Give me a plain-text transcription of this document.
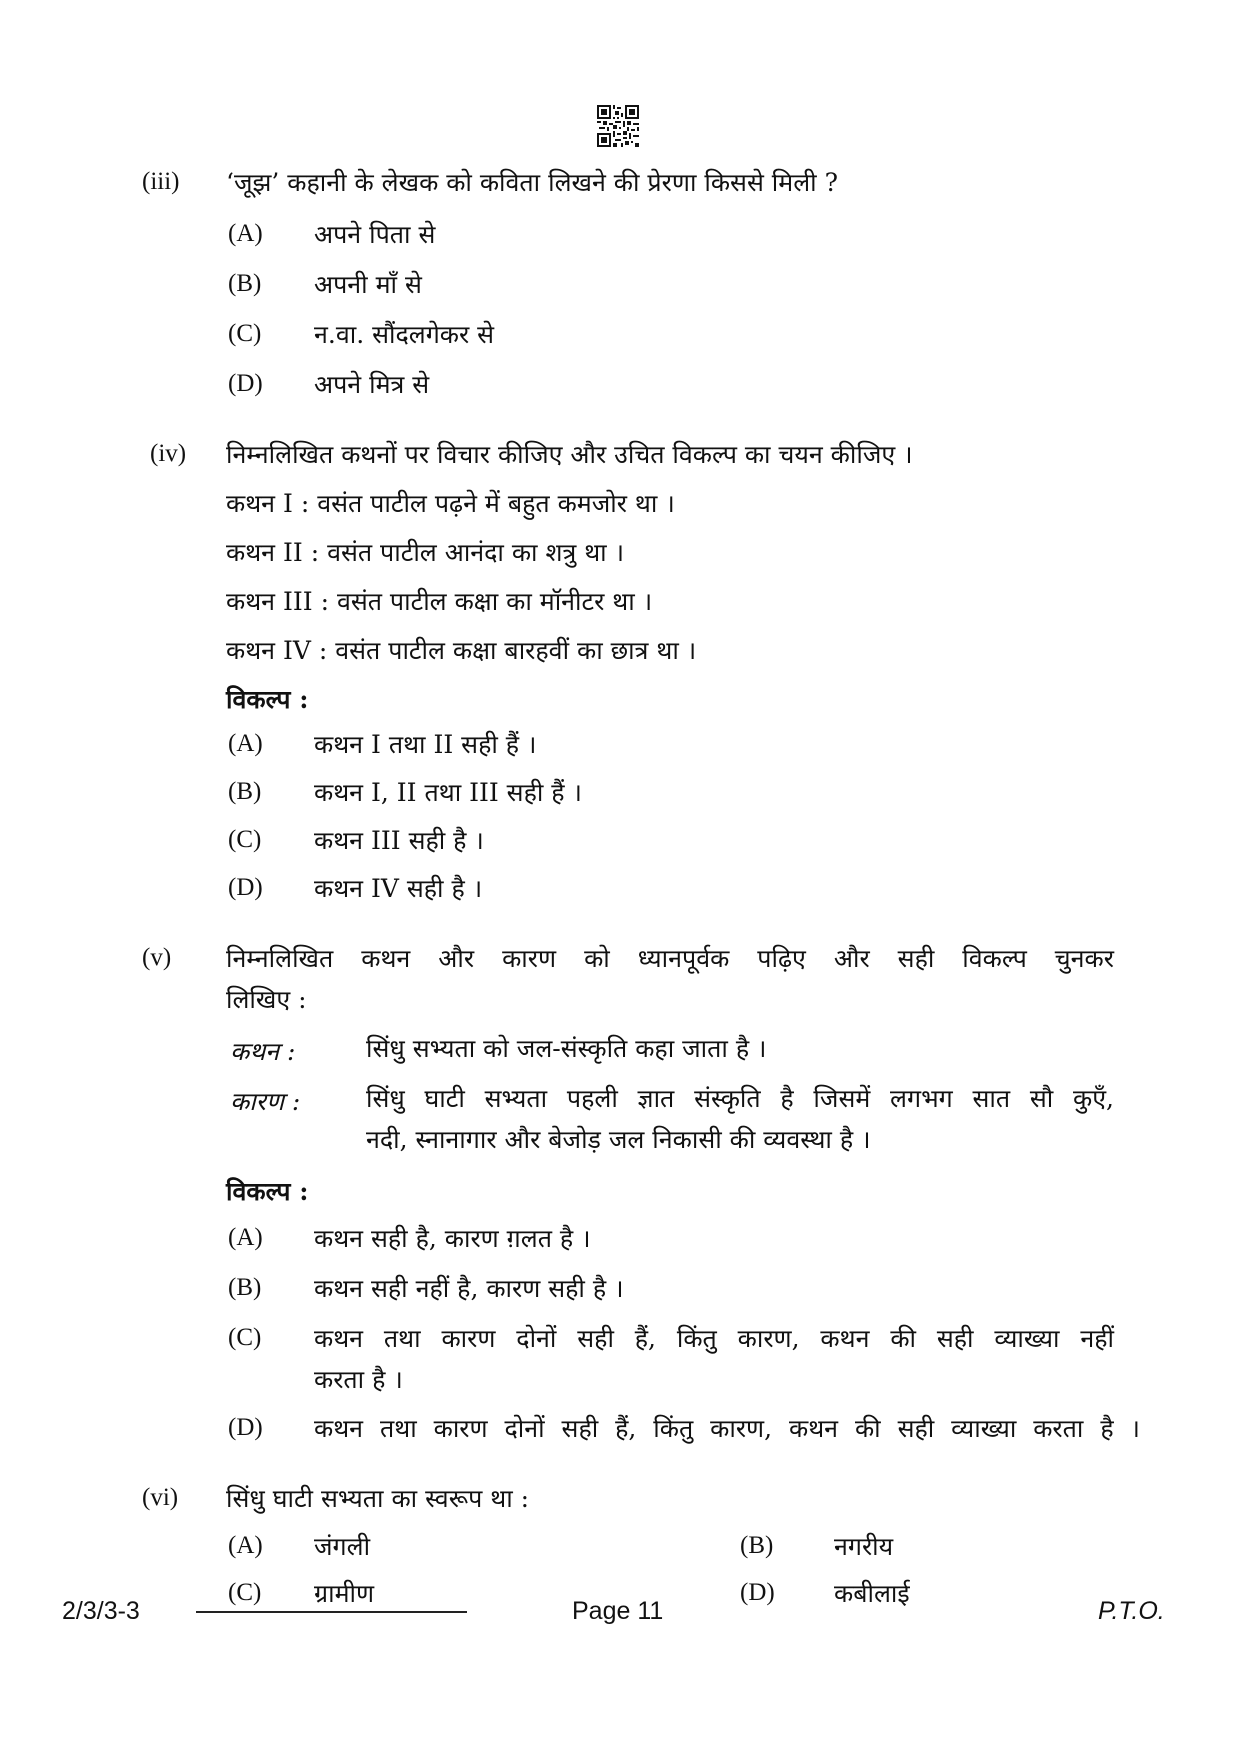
(iii) ‘जूझ’ कहानी के लेखक को कविता लिखने की प्रेरणा किससे मिली ?
(A) अपने पिता से
(B) अपनी माँ से
(C) न.वा. सौंदलगेकर से
(D) अपने मित्र से
(iv) निम्नलिखित कथनों पर विचार कीजिए और उचित विकल्प का चयन कीजिए ।
कथन I : वसंत पाटील पढ़ने में बहुत कमजोर था ।
कथन II : वसंत पाटील आनंदा का शत्रु था ।
कथन III : वसंत पाटील कक्षा का मॉनीटर था ।
कथन IV : वसंत पाटील कक्षा बारहवीं का छात्र था ।
विकल्प :
(A) कथन I तथा II सही हैं ।
(B) कथन I, II तथा III सही हैं ।
(C) कथन III सही है ।
(D) कथन IV सही है ।
(v) निम्नलिखित कथन और कारण को ध्यानपूर्वक पढ़िए और सही विकल्प चुनकर
लिखिए :
कथन :	सिंधु सभ्यता को जल-संस्कृति कहा जाता है ।
कारण :	सिंधु घाटी सभ्यता पहली ज्ञात संस्कृति है जिसमें लगभग सात सौ कुएँ,
नदी, स्नानागार और बेजोड़ जल निकासी की व्यवस्था है ।
विकल्प :
(A) कथन सही है, कारण ग़लत है ।
(B) कथन सही नहीं है, कारण सही है ।
(C) कथन तथा कारण दोनों सही हैं, किंतु कारण, कथन की सही व्याख्या नहीं
करता है ।
(D) कथन तथा कारण दोनों सही हैं, किंतु कारण, कथन की सही व्याख्या करता है ।
(vi) सिंधु घाटी सभ्यता का स्वरूप था :
(A) जंगली	(B) नगरीय
(C) ग्रामीण	(D) कबीलाई
2/3/3-3	Page 11	P.T.O.
